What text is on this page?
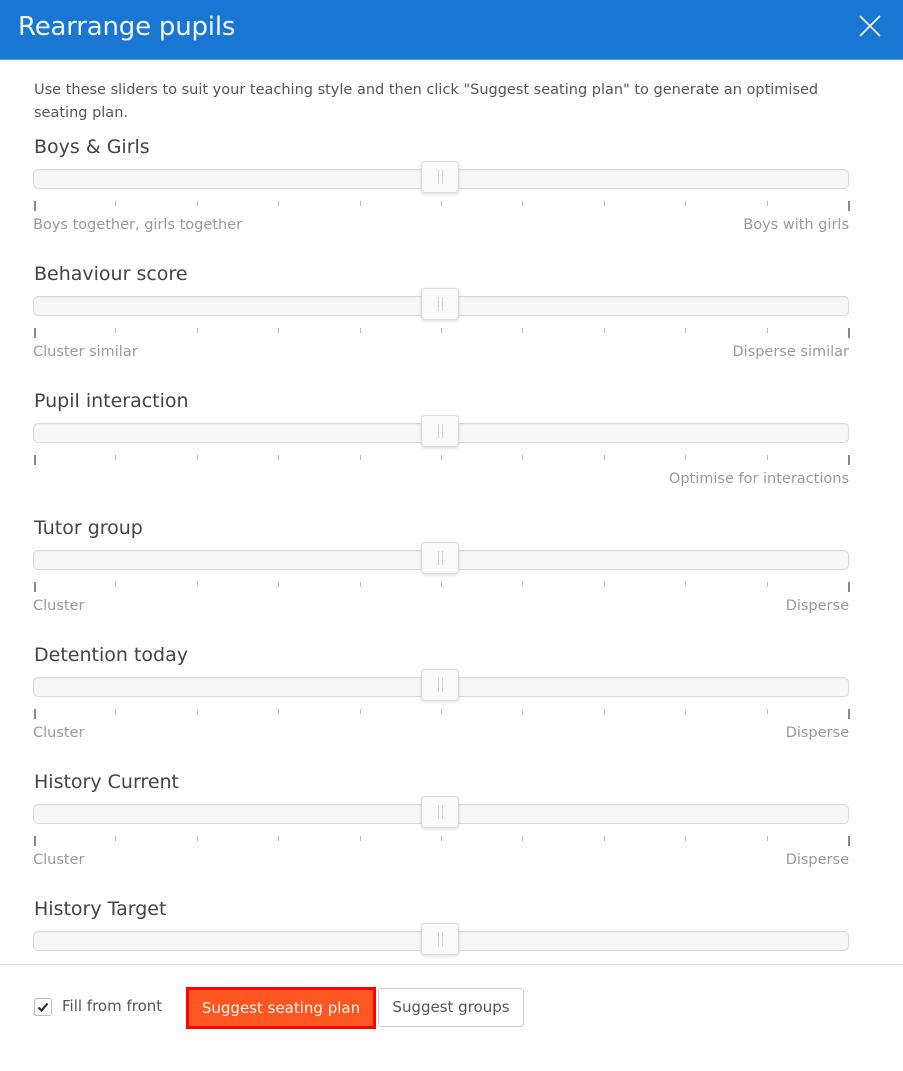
Rearrange pupils
Use these sliders to suit your teaching style and then click "Suggest seating plan" to generate an optimised seating plan.
Boys & Girls
Boys together, girls together	Boys with girls
Behaviour score
Cluster similar	Disperse similar
Pupil interaction
Optimise for interactions
Tutor group
Cluster	Disperse
Detention today
Cluster	Disperse
History Current
Cluster	Disperse
History Target
Fill from front	Suggest seating plan	Suggest groups
